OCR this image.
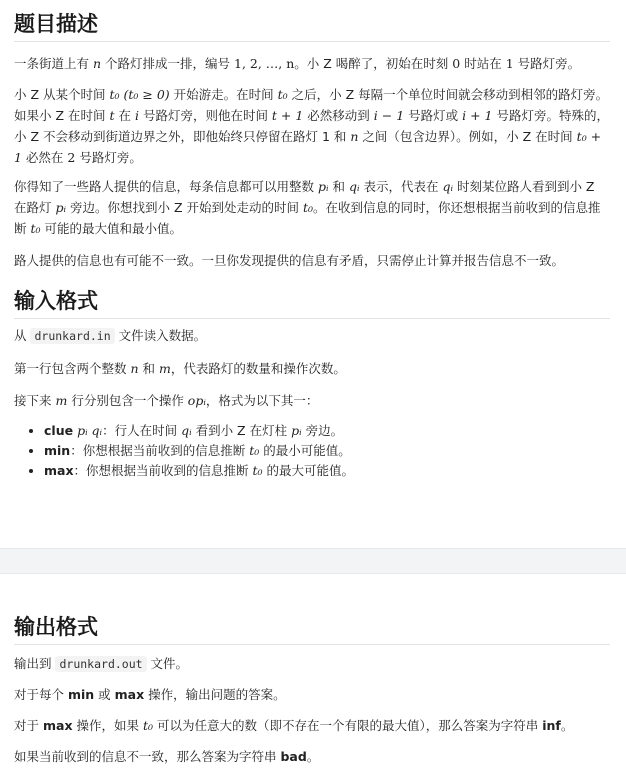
题目描述

一条街道上有 n 个路灯排成一排，编号 1, 2, …, n。小 Z 喝醉了，初始在时刻 0 时站在 1 号路灯旁。

小 Z 从某个时间 t₀ (t₀ ≥ 0) 开始游走。在时间 t₀ 之后，小 Z 每隔一个单位时间就会移动到相邻的路灯旁。如果小 Z 在时间 t 在 i 号路灯旁，则他在时间 t + 1 必然移动到 i − 1 号路灯或 i + 1 号路灯旁。特殊的，小 Z 不会移动到街道边界之外，即他始终只停留在路灯 1 和 n 之间（包含边界）。例如，小 Z 在时间 t₀ + 1 必然在 2 号路灯旁。

你得知了一些路人提供的信息，每条信息都可以用整数 pᵢ 和 qᵢ 表示，代表在 qᵢ 时刻某位路人看到到小 Z 在路灯 pᵢ 旁边。你想找到小 Z 开始到处走动的时间 t₀。在收到信息的同时，你还想根据当前收到的信息推断 t₀ 可能的最大值和最小值。

路人提供的信息也有可能不一致。一旦你发现提供的信息有矛盾，只需停止计算并报告信息不一致。

输入格式

从 drunkard.in 文件读入数据。

第一行包含两个整数 n 和 m，代表路灯的数量和操作次数。

接下来 m 行分别包含一个操作 opᵢ，格式为以下其一：

• clue pᵢ qᵢ：行人在时间 qᵢ 看到小 Z 在灯柱 pᵢ 旁边。
• min：你想根据当前收到的信息推断 t₀ 的最小可能值。
• max：你想根据当前收到的信息推断 t₀ 的最大可能值。
输出格式

输出到 drunkard.out 文件。

对于每个 min 或 max 操作，输出问题的答案。

对于 max 操作，如果 t₀ 可以为任意大的数（即不存在一个有限的最大值），那么答案为字符串 inf。

如果当前收到的信息不一致，那么答案为字符串 bad。
